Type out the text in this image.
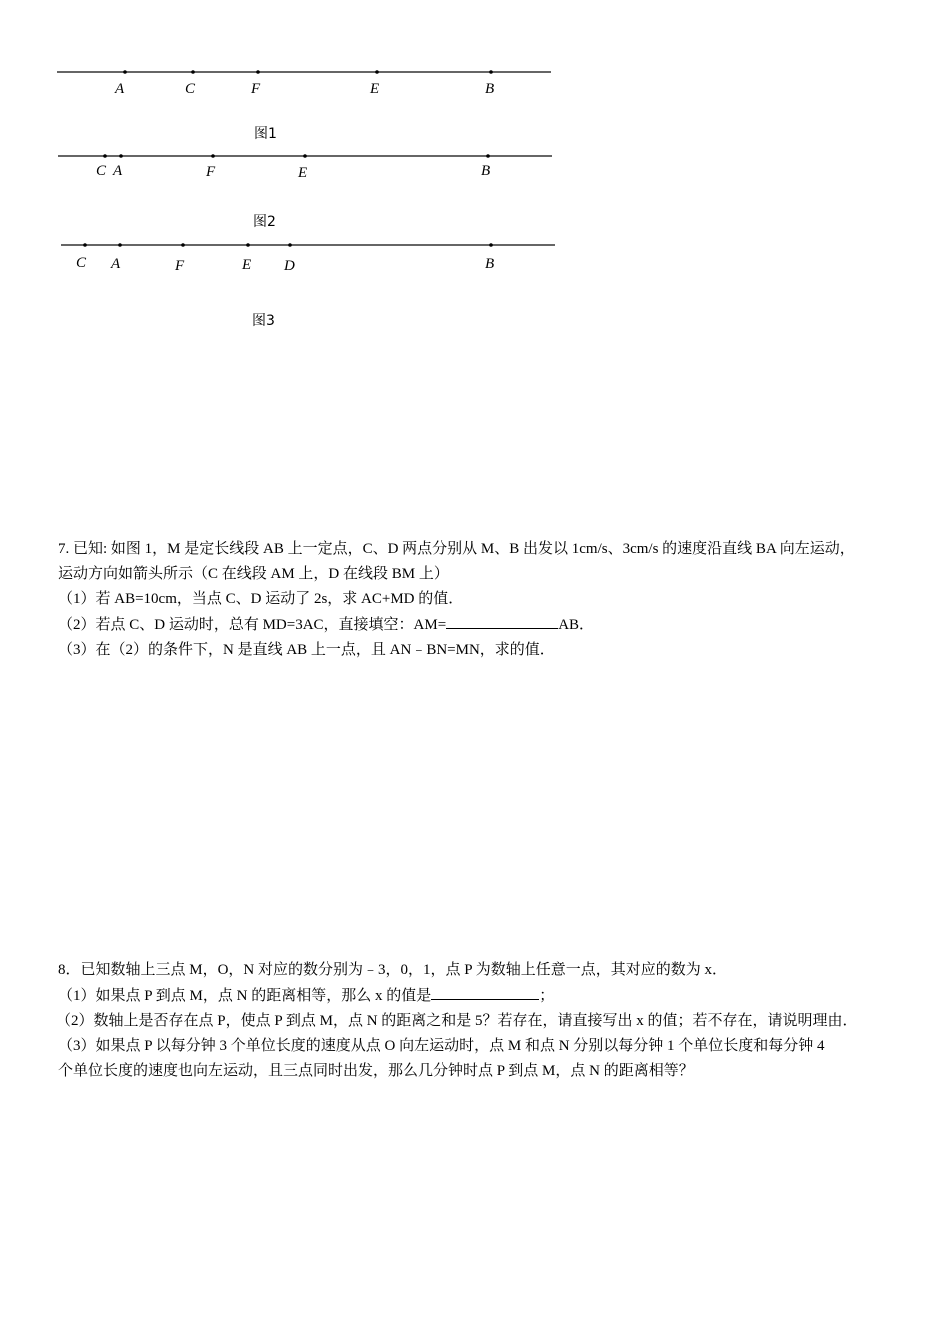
A	C	F	E	B
C A	F	E	B
C A	F	E D	B
图1
图2
图3

7. 已知: 如图 1，M 是定长线段 AB 上一定点，C、D 两点分别从 M、B 出发以 1cm/s、3cm/s 的速度沿直线 BA 向左运动，

运动方向如箭头所示（C 在线段 AM 上，D 在线段 BM 上）

（1）若 AB=10cm，当点 C、D 运动了 2s，求 AC+MD 的值．

（2）若点 C、D 运动时，总有 MD=3AC，直接填空：AM=	AB．

（3）在（2）的条件下，N 是直线 AB 上一点，且 AN﹣BN=MN，求的值．

8．已知数轴上三点 M，O，N 对应的数分别为﹣3，0，1，点 P 为数轴上任意一点，其对应的数为 x．

（1）如果点 P 到点 M，点 N 的距离相等，那么 x 的值是	；

（2）数轴上是否存在点 P，使点 P 到点 M，点 N 的距离之和是 5？若存在，请直接写出 x 的值；若不存在，请说明理由．

（3）如果点 P 以每分钟 3 个单位长度的速度从点 O 向左运动时，点 M 和点 N 分别以每分钟 1 个单位长度和每分钟 4

个单位长度的速度也向左运动，且三点同时出发，那么几分钟时点 P 到点 M，点 N 的距离相等？
